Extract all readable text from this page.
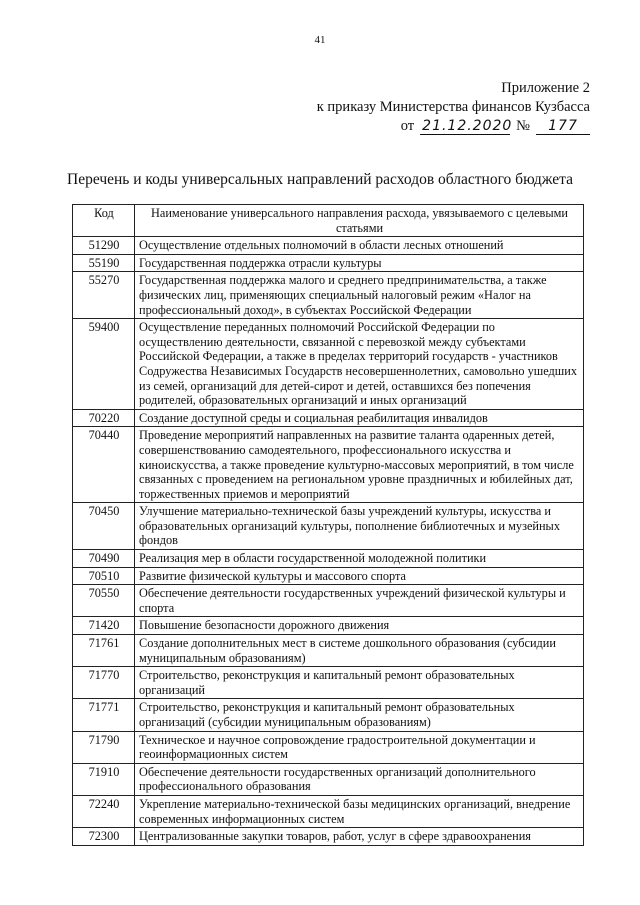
41
Приложение 2
к приказу Министерства финансов Кузбасса
от 21.12.2020 №	177
Перечень и коды универсальных направлений расходов областного бюджета
Код	Наименование универсального направления расхода, увязываемого с целевыми статьями
51290	Осуществление отдельных полномочий в области лесных отношений
55190	Государственная поддержка отрасли культуры
55270	Государственная поддержка малого и среднего предпринимательства, а также физических лиц, применяющих специальный налоговый режим «Налог на профессиональный доход», в субъектах Российской Федерации
59400	Осуществление переданных полномочий Российской Федерации по осуществлению деятельности, связанной с перевозкой между субъектами Российской Федерации, а также в пределах территорий государств - участников Содружества Независимых Государств несовершеннолетних, самовольно ушедших из семей, организаций для детей-сирот и детей, оставшихся без попечения родителей, образовательных организаций и иных организаций
70220	Создание доступной среды и социальная реабилитация инвалидов
70440	Проведение мероприятий направленных на развитие таланта одаренных детей, совершенствованию самодеятельного, профессионального искусства и киноискусства, а также проведение культурно-массовых мероприятий, в том числе связанных с проведением на региональном уровне праздничных и юбилейных дат, торжественных приемов и мероприятий
70450	Улучшение материально-технической базы учреждений культуры, искусства и образовательных организаций культуры, пополнение библиотечных и музейных фондов
70490	Реализация мер в области государственной молодежной политики
70510	Развитие физической культуры и массового спорта
70550	Обеспечение деятельности государственных учреждений физической культуры и спорта
71420	Повышение безопасности дорожного движения
71761	Создание дополнительных мест в системе дошкольного образования (субсидии муниципальным образованиям)
71770	Строительство, реконструкция и капитальный ремонт образовательных организаций
71771	Строительство, реконструкция и капитальный ремонт образовательных организаций (субсидии муниципальным образованиям)
71790	Техническое и научное сопровождение градостроительной документации и геоинформационных систем
71910	Обеспечение деятельности государственных организаций дополнительного профессионального образования
72240	Укрепление материально-технической базы медицинских организаций, внедрение современных информационных систем
72300	Централизованные закупки товаров, работ, услуг в сфере здравоохранения
